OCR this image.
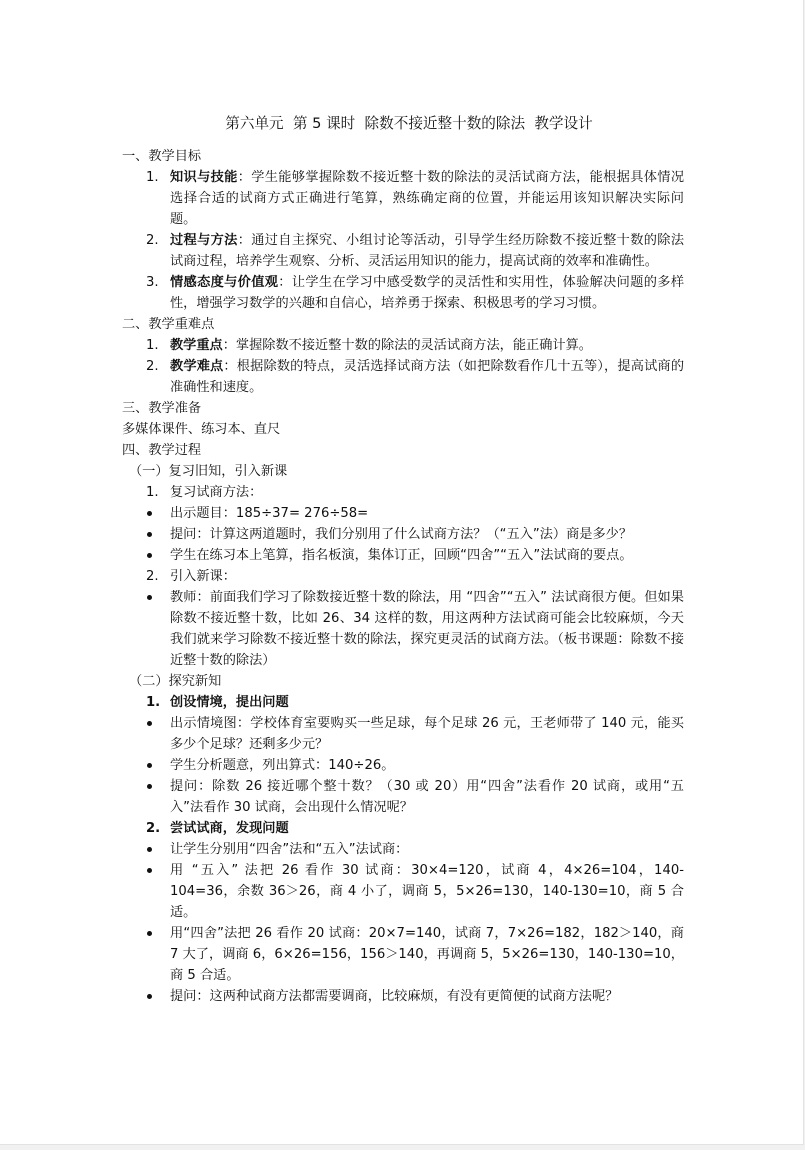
第六单元  第 5 课时  除数不接近整十数的除法  教学设计
一、教学目标
1. 知识与技能：学生能够掌握除数不接近整十数的除法的灵活试商方法，能根据具体情况选择合适的试商方式正确进行笔算，熟练确定商的位置，并能运用该知识解决实际问题。
2. 过程与方法：通过自主探究、小组讨论等活动，引导学生经历除数不接近整十数的除法试商过程，培养学生观察、分析、灵活运用知识的能力，提高试商的效率和准确性。
3. 情感态度与价值观：让学生在学习中感受数学的灵活性和实用性，体验解决问题的多样性，增强学习数学的兴趣和自信心，培养勇于探索、积极思考的学习习惯。
二、教学重难点
1. 教学重点：掌握除数不接近整十数的除法的灵活试商方法，能正确计算。
2. 教学难点：根据除数的特点，灵活选择试商方法（如把除数看作几十五等），提高试商的准确性和速度。
三、教学准备
多媒体课件、练习本、直尺
四、教学过程
（一）复习旧知，引入新课
1. 复习试商方法：
出示题目：185÷37= 276÷58=
提问：计算这两道题时，我们分别用了什么试商方法？（“五入”法）商是多少？
学生在练习本上笔算，指名板演，集体订正，回顾“四舍”“五入”法试商的要点。
2. 引入新课：
教师：前面我们学习了除数接近整十数的除法，用 “四舍”“五入” 法试商很方便。但如果除数不接近整十数，比如 26、34 这样的数，用这两种方法试商可能会比较麻烦，今天我们就来学习除数不接近整十数的除法，探究更灵活的试商方法。（板书课题：除数不接近整十数的除法）
（二）探究新知
1. 创设情境，提出问题
出示情境图：学校体育室要购买一些足球，每个足球 26 元，王老师带了 140 元，能买多少个足球？还剩多少元？
学生分析题意，列出算式：140÷26。
提问：除数 26 接近哪个整十数？（30 或 20）用“四舍”法看作 20 试商，或用“五入”法看作 30 试商，会出现什么情况呢？
2. 尝试试商，发现问题
让学生分别用“四舍”法和“五入”法试商：
用 “五入” 法把 26 看作 30 试商：30×4=120，试商 4，4×26=104，140-104=36，余数 36＞26，商 4 小了，调商 5，5×26=130，140-130=10，商 5 合适。
用“四舍”法把 26 看作 20 试商：20×7=140，试商 7，7×26=182，182＞140，商 7 大了，调商 6，6×26=156，156＞140，再调商 5，5×26=130，140-130=10，商 5 合适。
提问：这两种试商方法都需要调商，比较麻烦，有没有更简便的试商方法呢？
